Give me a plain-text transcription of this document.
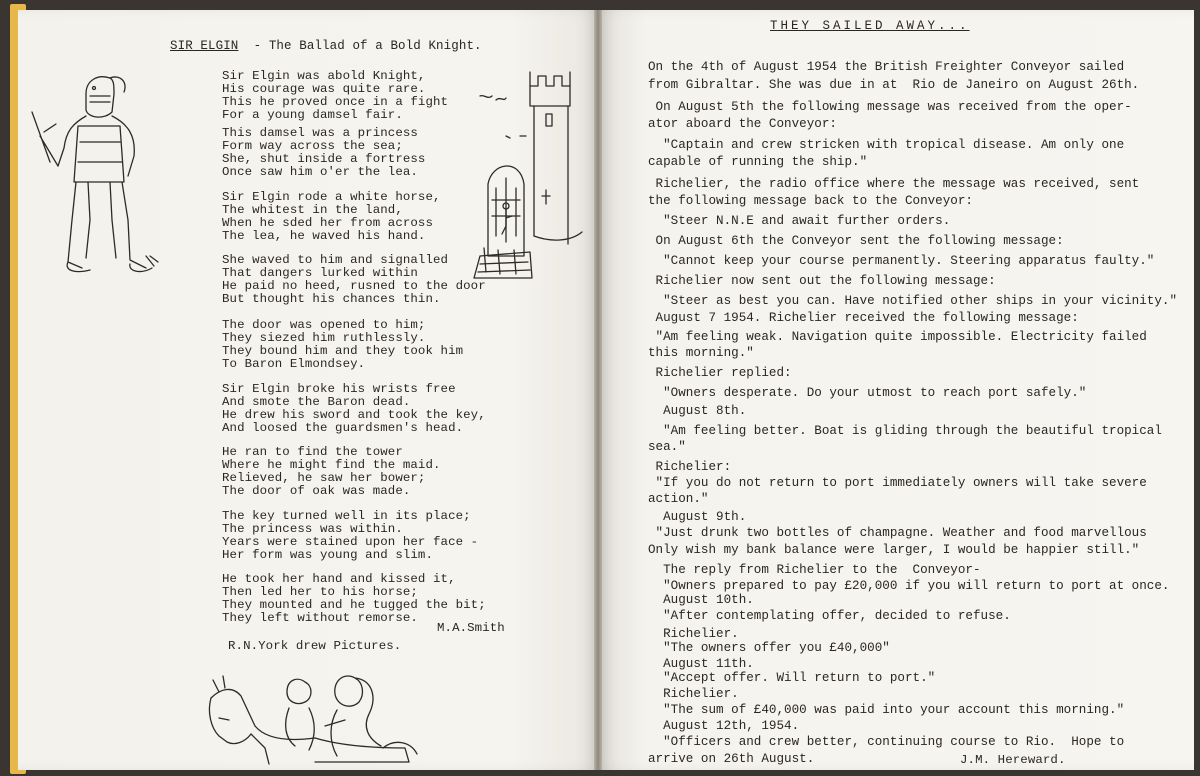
SIR ELGIN  - The Ballad of a Bold Knight.
Sir Elgin was abold Knight,
His courage was quite rare.
This he proved once in a fight
For a young damsel fair.
This damsel was a princess
Form way across the sea;
She, shut inside a fortress
Once saw him o'er the lea.
Sir Elgin rode a white horse,
The whitest in the land,
When he sded her from across
The lea, he waved his hand.
She waved to him and signalled
That dangers lurked within
He paid no heed, rusned to the door
But thought his chances thin.
The door was opened to him;
They siezed him ruthlessly.
They bound him and they took him
To Baron Elmondsey.
Sir Elgin broke his wrists free
And smote the Baron dead.
He drew his sword and took the key,
And loosed the guardsmen's head.
He ran to find the tower
Where he might find the maid.
Relieved, he saw her bower;
The door of oak was made.
The key turned well in its place;
The princess was within.
Years were stained upon her face -
Her form was young and slim.
He took her hand and kissed it,
Then led her to his horse;
They mounted and he tugged the bit;
They left without remorse.
M.A.Smith
R.N.York drew Pictures.
THEY SAILED AWAY...
On the 4th of August 1954 the British Freighter Conveyor sailed
from Gibraltar. She was due in at  Rio de Janeiro on August 26th.
On August 5th the following message was received from the oper-
ator aboard the Conveyor:
"Captain and crew stricken with tropical disease. Am only one
capable of running the ship."
Richelier, the radio office where the message was received, sent
the following message back to the Conveyor:
"Steer N.N.E and await further orders.
On August 6th the Conveyor sent the following message:
"Cannot keep your course permanently. Steering apparatus faulty."
Richelier now sent out the following message:
"Steer as best you can. Have notified other ships in your vicinity."
August 7 1954. Richelier received the following message:
"Am feeling weak. Navigation quite impossible. Electricity failed
this morning."
Richelier replied:
"Owners desperate. Do your utmost to reach port safely."
August 8th.
"Am feeling better. Boat is gliding through the beautiful tropical
sea."
Richelier:
"If you do not return to port immediately owners will take severe
action."
August 9th.
"Just drunk two bottles of champagne. Weather and food marvellous
Only wish my bank balance were larger, I would be happier still."
The reply from Richelier to the  Conveyor-
"Owners prepared to pay £20,000 if you will return to port at once.
August 10th.
"After contemplating offer, decided to refuse.
Richelier.
"The owners offer you £40,000"
August 11th.
"Accept offer. Will return to port."
Richelier.
"The sum of £40,000 was paid into your account this morning."
August 12th, 1954.
"Officers and crew better, continuing course to Rio.  Hope to
arrive on 26th August.	J.M. Hereward.
